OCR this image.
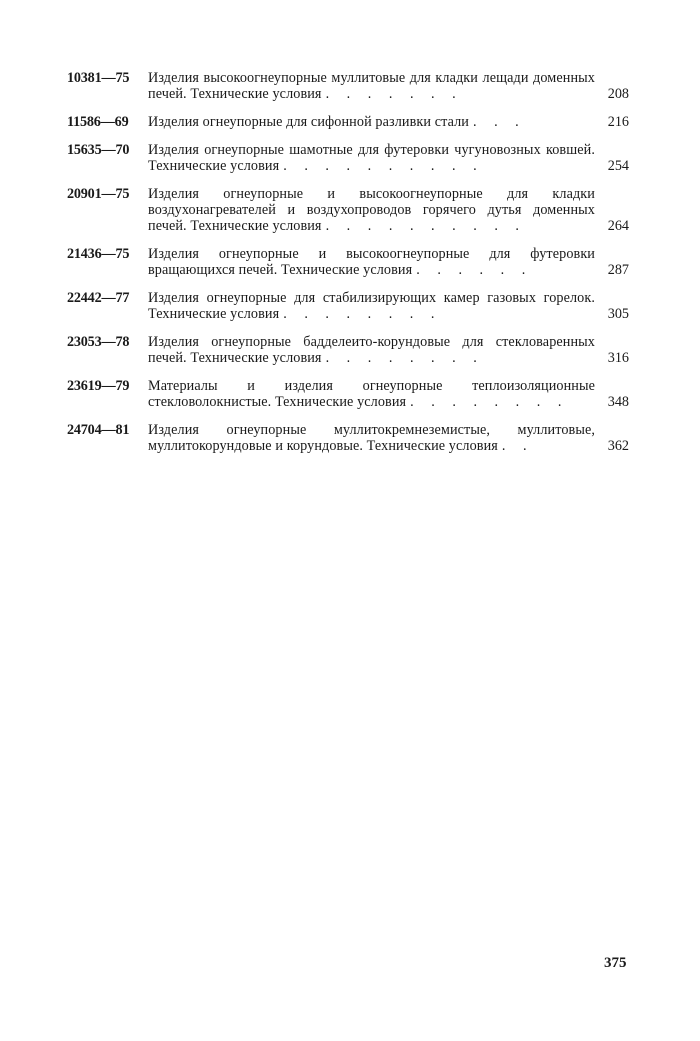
10381—75	Изделия высокоогнеупорные муллитовые для кладки лещади доменных печей. Технические условия . . . . . . .	208
11586—69	Изделия огнеупорные для сифонной разливки стали . . .	216
15635—70	Изделия огнеупорные шамотные для футеровки чугуновозных ковшей. Технические условия . . . . . . . . . .	254
20901—75	Изделия огнеупорные и высокоогнеупорные для кладки воздухонагревателей и воздухопроводов горячего дутья доменных печей. Технические условия . . . . . . . . . .	264
21436—75	Изделия огнеупорные и высокоогнеупорные для футеровки вращающихся печей. Технические условия . . . . . .	287
22442—77	Изделия огнеупорные для стабилизирующих камер газовых горелок. Технические условия . . . . . . . .	305
23053—78	Изделия огнеупорные бадделеито-корундовые для стекловаренных печей. Технические условия . . . . . . . .	316
23619—79	Материалы и изделия огнеупорные теплоизоляционные стекловолокнистые. Технические условия . . . . . . . .	348
24704—81	Изделия огнеупорные муллитокремнеземистые, муллитовые, муллитокорундовые и корундовые. Технические условия . .	362
375
